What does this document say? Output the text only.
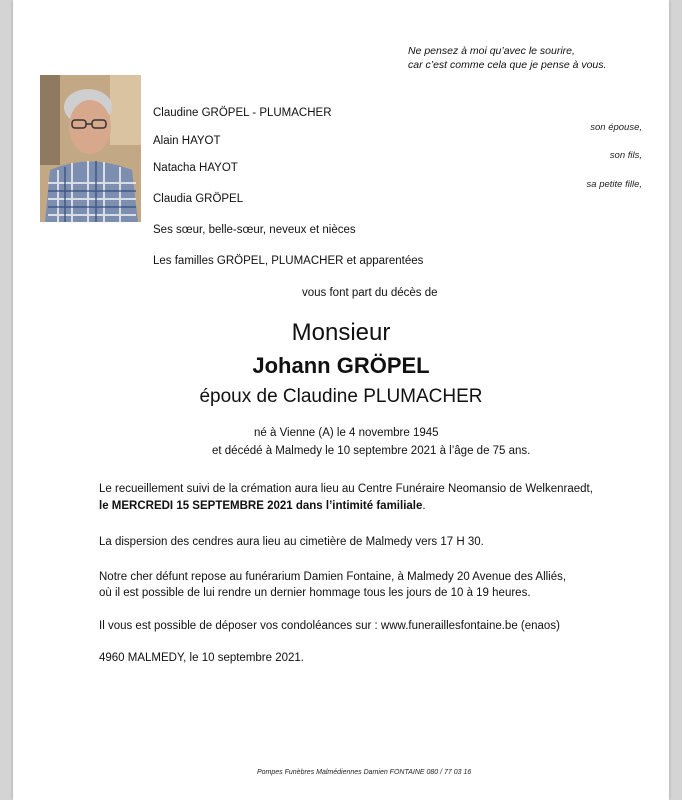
Ne pensez à moi qu’avec le sourire,
car c’est comme cela que je pense à vous.
Claudine GRÖPEL - PLUMACHER
son épouse,
Alain HAYOT
son fils,
Natacha HAYOT
sa petite fille,
Claudia GRÖPEL
Ses sœur, belle-sœur, neveux et nièces
Les familles GRÖPEL, PLUMACHER et apparentées
vous font part du décès de
Monsieur
Johann GRÖPEL
époux de Claudine PLUMACHER
né à Vienne (A) le 4 novembre 1945
et décédé à Malmedy le 10 septembre 2021 à l’âge de 75 ans.
Le recueillement suivi de la crémation aura lieu au Centre Funéraire Neomansio de Welkenraedt,
le MERCREDI 15 SEPTEMBRE 2021 dans l’intimité familiale.
La dispersion des cendres aura lieu au cimetière de Malmedy vers 17 H 30.
Notre cher défunt repose au funérarium Damien Fontaine, à Malmedy 20 Avenue des Alliés,
où il est possible de lui rendre un dernier hommage tous les jours de 10 à 19 heures.
Il vous est possible de déposer vos condoléances sur : www.funeraillesfontaine.be (enaos)
4960 MALMEDY, le 10 septembre 2021.
Pompes Funèbres Malmédiennes Damien FONTAINE 080 / 77 03 16
